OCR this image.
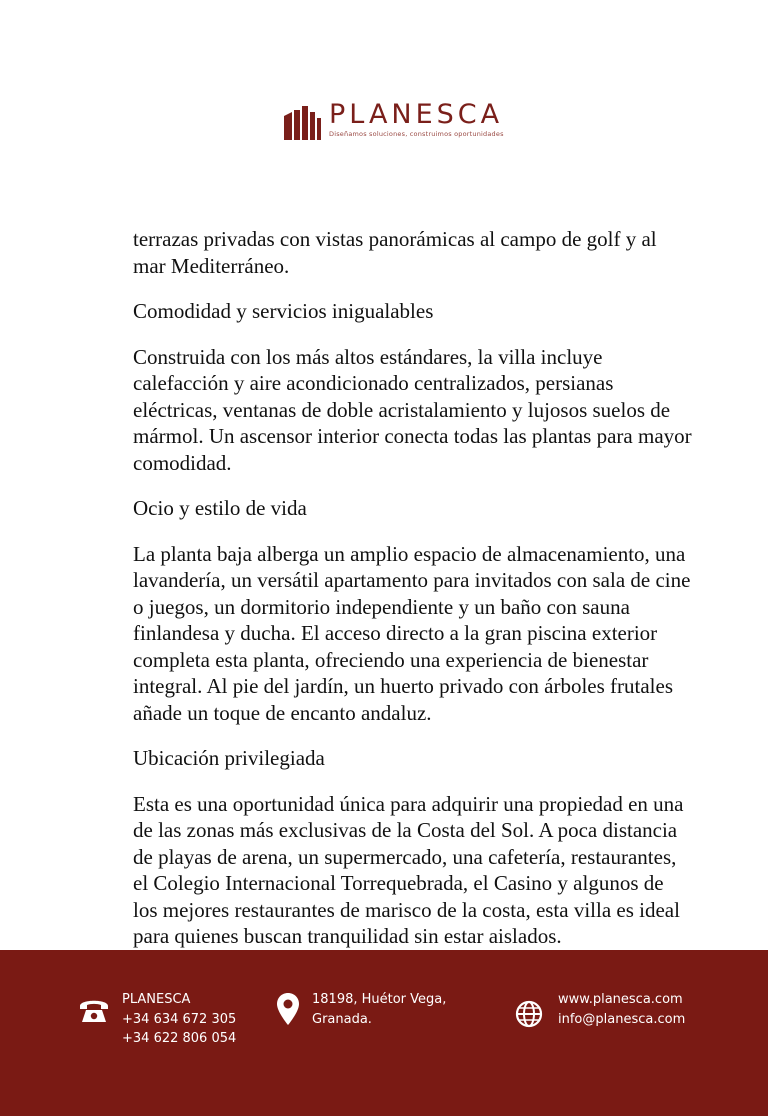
PLANESCA
Diseñamos soluciones, construimos oportunidades

terrazas privadas con vistas panorámicas al campo de golf y al mar Mediterráneo.

Comodidad y servicios inigualables

Construida con los más altos estándares, la villa incluye calefacción y aire acondicionado centralizados, persianas eléctricas, ventanas de doble acristalamiento y lujosos suelos de mármol. Un ascensor interior conecta todas las plantas para mayor comodidad.

Ocio y estilo de vida

La planta baja alberga un amplio espacio de almacenamiento, una lavandería, un versátil apartamento para invitados con sala de cine o juegos, un dormitorio independiente y un baño con sauna finlandesa y ducha. El acceso directo a la gran piscina exterior completa esta planta, ofreciendo una experiencia de bienestar integral. Al pie del jardín, un huerto privado con árboles frutales añade un toque de encanto andaluz.

Ubicación privilegiada

Esta es una oportunidad única para adquirir una propiedad en una de las zonas más exclusivas de la Costa del Sol. A poca distancia de playas de arena, un supermercado, una cafetería, restaurantes, el Colegio Internacional Torrequebrada, el Casino y algunos de los mejores restaurantes de marisco de la costa, esta villa es ideal para quienes buscan tranquilidad sin estar aislados.

PLANESCA
+34 634 672 305
+34 622 806 054
18198, Huétor Vega,
Granada.
www.planesca.com
info@planesca.com
